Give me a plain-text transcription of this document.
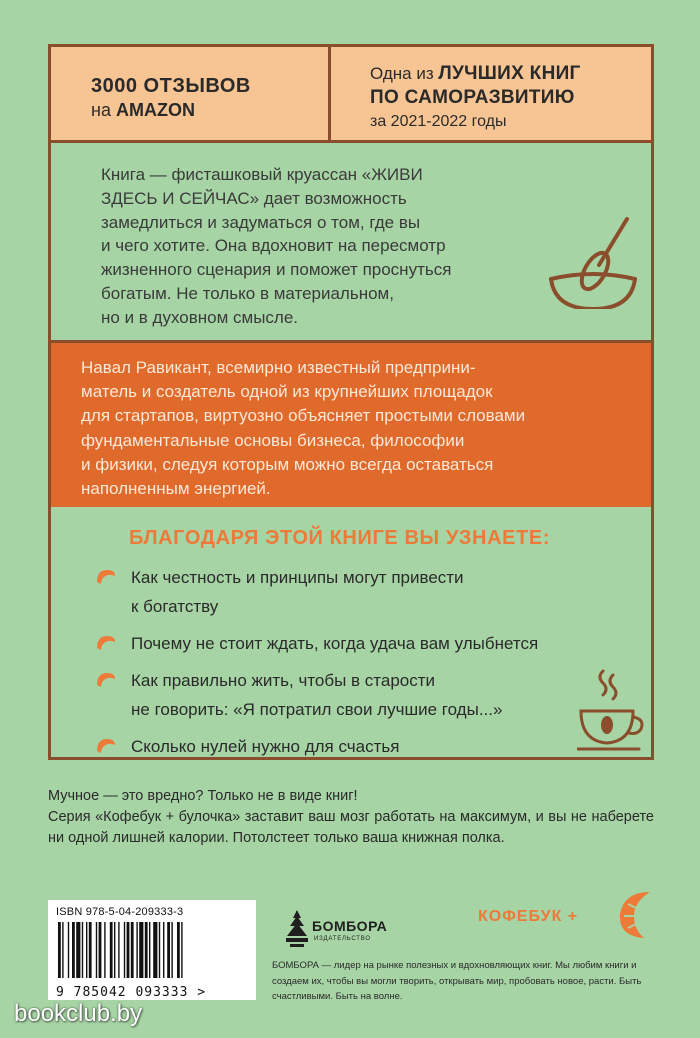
3000 ОТЗЫВОВ
на AMAZON
Одна из ЛУЧШИХ КНИГ
ПО САМОРАЗВИТИЮ
за 2021-2022 годы
Книга — фисташковый круассан «ЖИВИ
ЗДЕСЬ И СЕЙЧАС» дает возможность
замедлиться и задуматься о том, где вы
и чего хотите. Она вдохновит на пересмотр
жизненного сценария и поможет проснуться
богатым. Не только в материальном,
но и в духовном смысле.
Навал Равикант, всемирно известный предприни-
матель и создатель одной из крупнейших площадок
для стартапов, виртуозно объясняет простыми словами
фундаментальные основы бизнеса, философии
и физики, следуя которым можно всегда оставаться
наполненным энергией.
БЛАГОДАРЯ ЭТОЙ КНИГЕ ВЫ УЗНАЕТЕ:
Как честность и принципы могут привести
к богатству
Почему не стоит ждать, когда удача вам улыбнется
Как правильно жить, чтобы в старости
не говорить: «Я потратил свои лучшие годы...»
Сколько нулей нужно для счастья
Мучное — это вредно? Только не в виде книг!
Серия «Кофебук + булочка» заставит ваш мозг работать на максимум, и вы не наберете ни одной лишней калории. Потолстеет только ваша книжная полка.
ISBN 978-5-04-209333-3
9 785042 093333 >
БОМБОРА
ИЗДАТЕЛЬСТВО
БОМБОРА — лидер на рынке полезных и вдохновляющих книг. Мы любим книги и создаем их, чтобы вы могли творить, открывать мир, пробовать новое, расти. Быть счастливыми. Быть на волне.
КОФЕБУК +
bookclub.by
